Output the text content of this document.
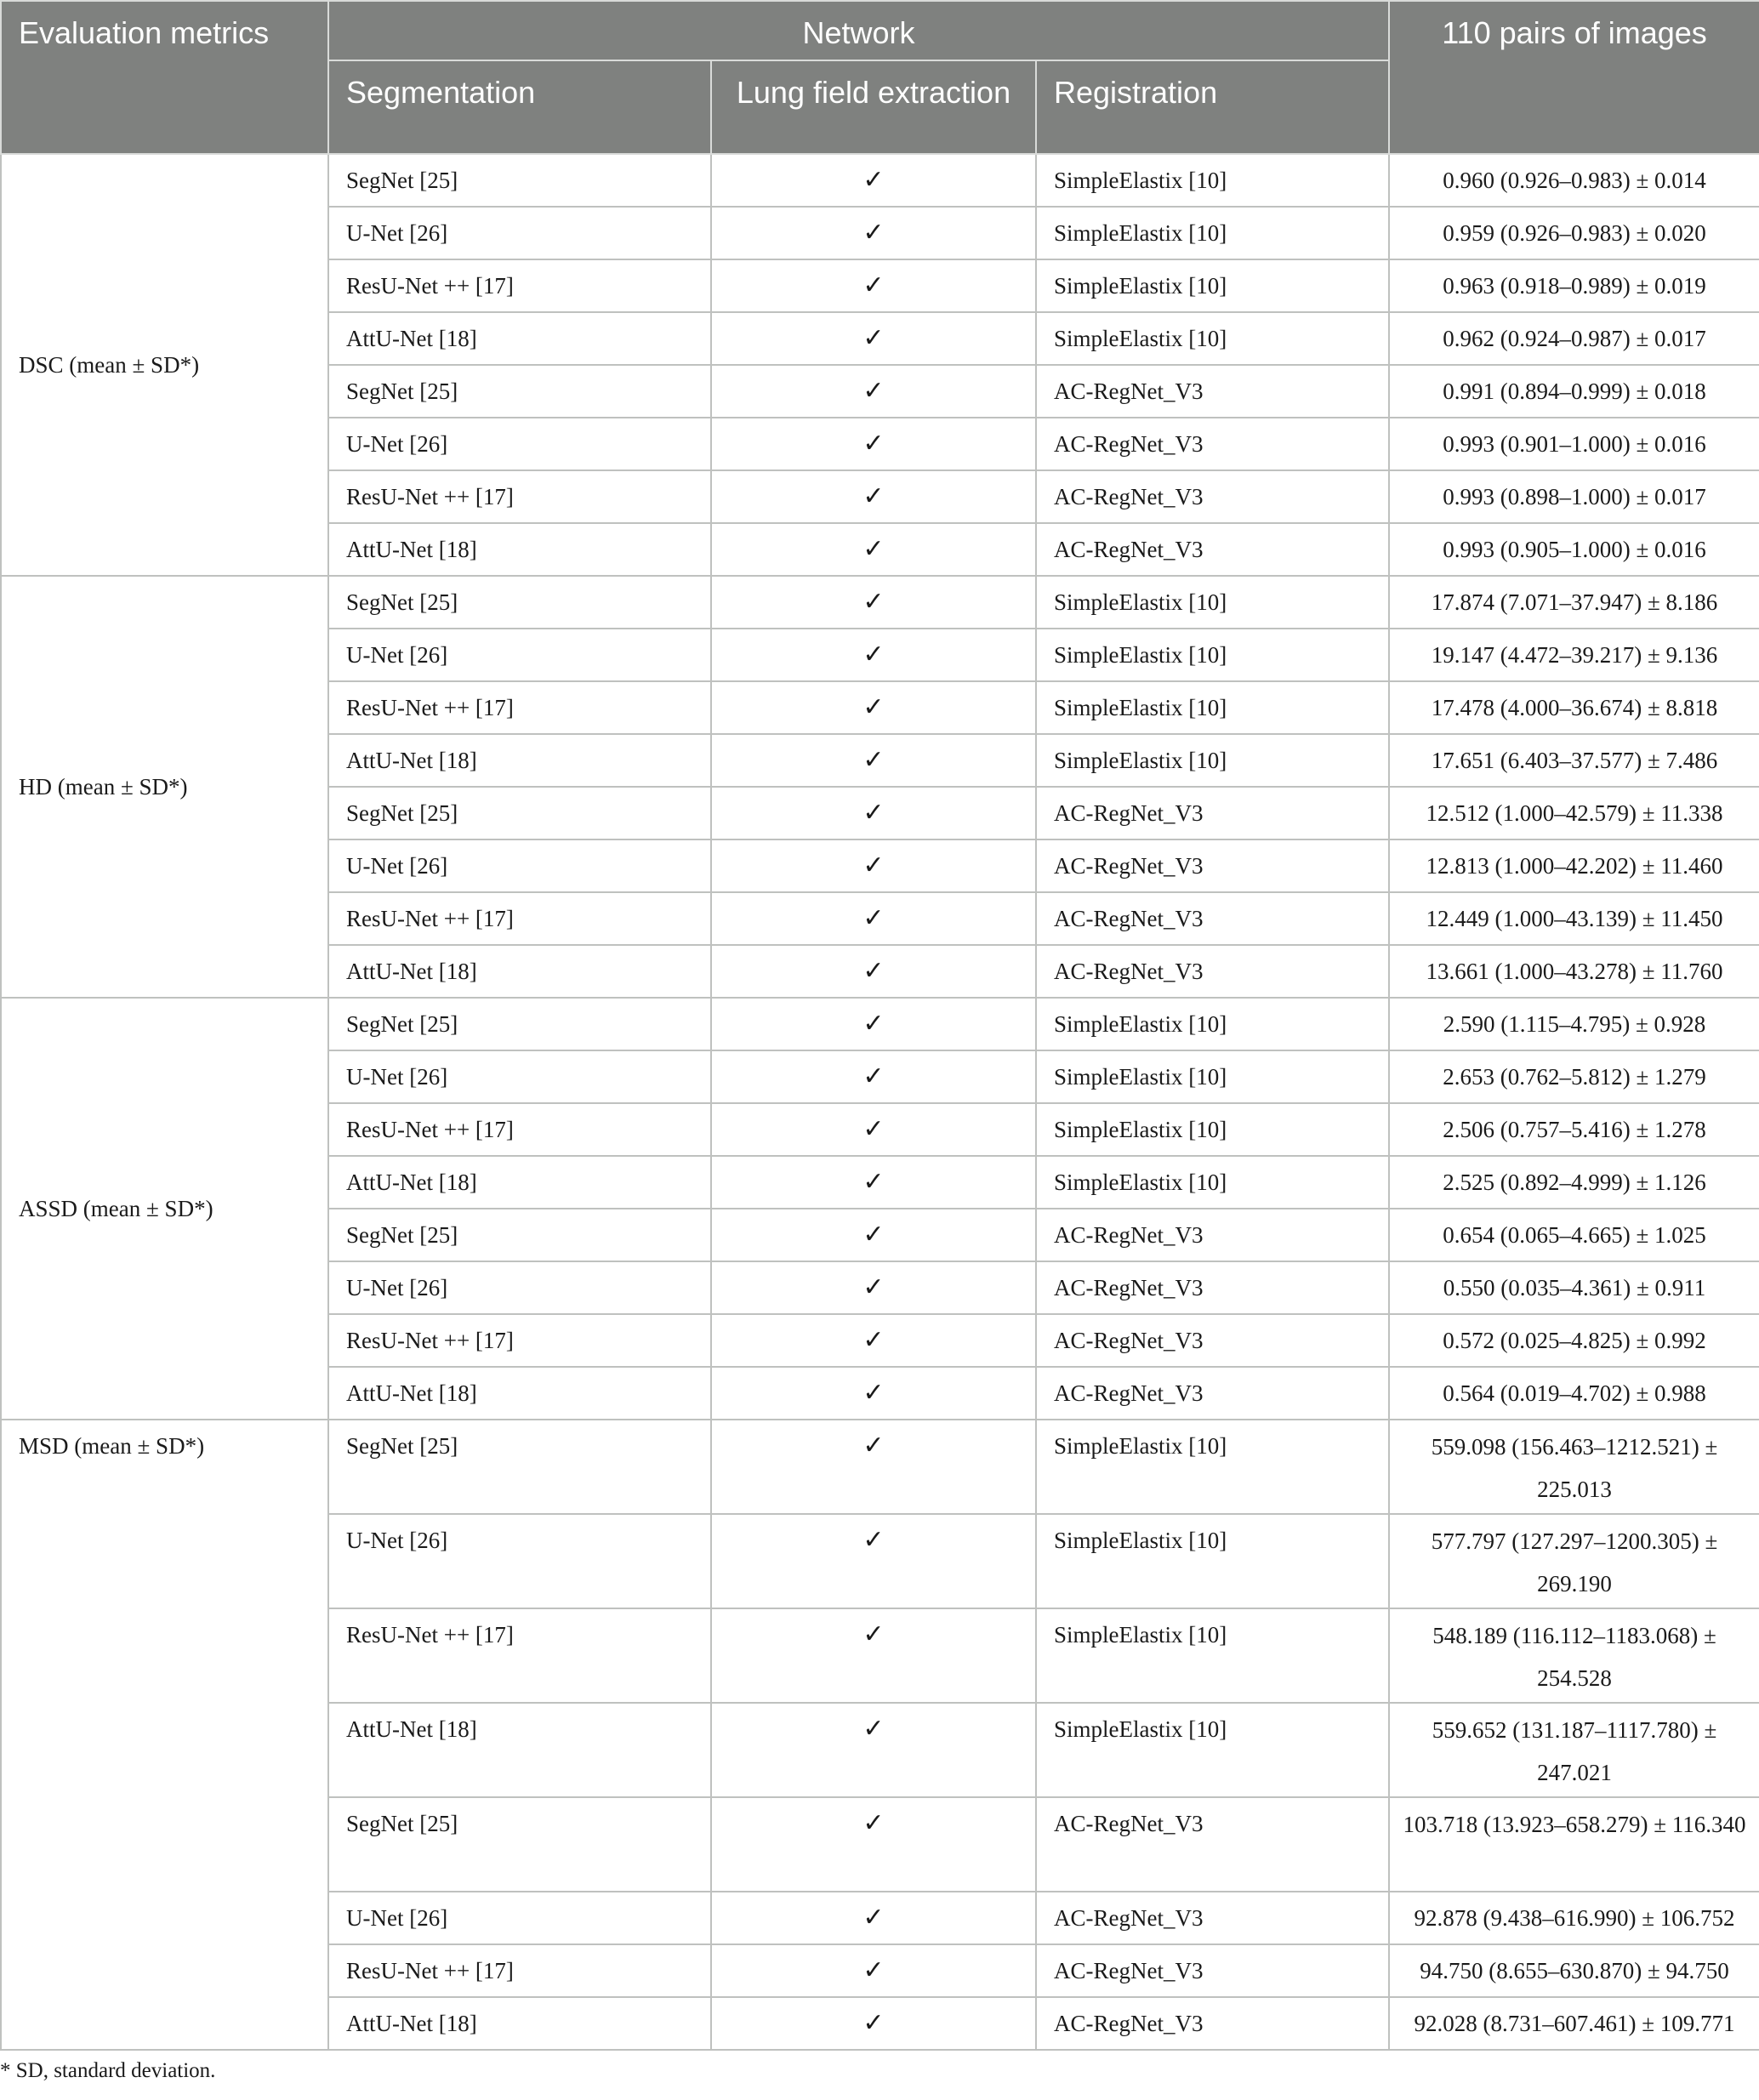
Evaluation metrics	Network			110 pairs of images
	Segmentation	Lung field extraction	Registration	
DSC (mean ± SD*)	SegNet [25]	✓	SimpleElastix [10]	0.960 (0.926–0.983) ± 0.014
	U-Net [26]	✓	SimpleElastix [10]	0.959 (0.926–0.983) ± 0.020
	ResU-Net ++ [17]	✓	SimpleElastix [10]	0.963 (0.918–0.989) ± 0.019
	AttU-Net [18]	✓	SimpleElastix [10]	0.962 (0.924–0.987) ± 0.017
	SegNet [25]	✓	AC-RegNet_V3	0.991 (0.894–0.999) ± 0.018
	U-Net [26]	✓	AC-RegNet_V3	0.993 (0.901–1.000) ± 0.016
	ResU-Net ++ [17]	✓	AC-RegNet_V3	0.993 (0.898–1.000) ± 0.017
	AttU-Net [18]	✓	AC-RegNet_V3	0.993 (0.905–1.000) ± 0.016
HD (mean ± SD*)	SegNet [25]	✓	SimpleElastix [10]	17.874 (7.071–37.947) ± 8.186
	U-Net [26]	✓	SimpleElastix [10]	19.147 (4.472–39.217) ± 9.136
	ResU-Net ++ [17]	✓	SimpleElastix [10]	17.478 (4.000–36.674) ± 8.818
	AttU-Net [18]	✓	SimpleElastix [10]	17.651 (6.403–37.577) ± 7.486
	SegNet [25]	✓	AC-RegNet_V3	12.512 (1.000–42.579) ± 11.338
	U-Net [26]	✓	AC-RegNet_V3	12.813 (1.000–42.202) ± 11.460
	ResU-Net ++ [17]	✓	AC-RegNet_V3	12.449 (1.000–43.139) ± 11.450
	AttU-Net [18]	✓	AC-RegNet_V3	13.661 (1.000–43.278) ± 11.760
ASSD (mean ± SD*)	SegNet [25]	✓	SimpleElastix [10]	2.590 (1.115–4.795) ± 0.928
	U-Net [26]	✓	SimpleElastix [10]	2.653 (0.762–5.812) ± 1.279
	ResU-Net ++ [17]	✓	SimpleElastix [10]	2.506 (0.757–5.416) ± 1.278
	AttU-Net [18]	✓	SimpleElastix [10]	2.525 (0.892–4.999) ± 1.126
	SegNet [25]	✓	AC-RegNet_V3	0.654 (0.065–4.665) ± 1.025
	U-Net [26]	✓	AC-RegNet_V3	0.550 (0.035–4.361) ± 0.911
	ResU-Net ++ [17]	✓	AC-RegNet_V3	0.572 (0.025–4.825) ± 0.992
	AttU-Net [18]	✓	AC-RegNet_V3	0.564 (0.019–4.702) ± 0.988
MSD (mean ± SD*)	SegNet [25]	✓	SimpleElastix [10]	559.098 (156.463–1212.521) ± 225.013
	U-Net [26]	✓	SimpleElastix [10]	577.797 (127.297–1200.305) ± 269.190
	ResU-Net ++ [17]	✓	SimpleElastix [10]	548.189 (116.112–1183.068) ± 254.528
	AttU-Net [18]	✓	SimpleElastix [10]	559.652 (131.187–1117.780) ± 247.021
	SegNet [25]	✓	AC-RegNet_V3	103.718 (13.923–658.279) ± 116.340
	U-Net [26]	✓	AC-RegNet_V3	92.878 (9.438–616.990) ± 106.752
	ResU-Net ++ [17]	✓	AC-RegNet_V3	94.750 (8.655–630.870) ± 94.750
	AttU-Net [18]	✓	AC-RegNet_V3	92.028 (8.731–607.461) ± 109.771

* SD, standard deviation.
